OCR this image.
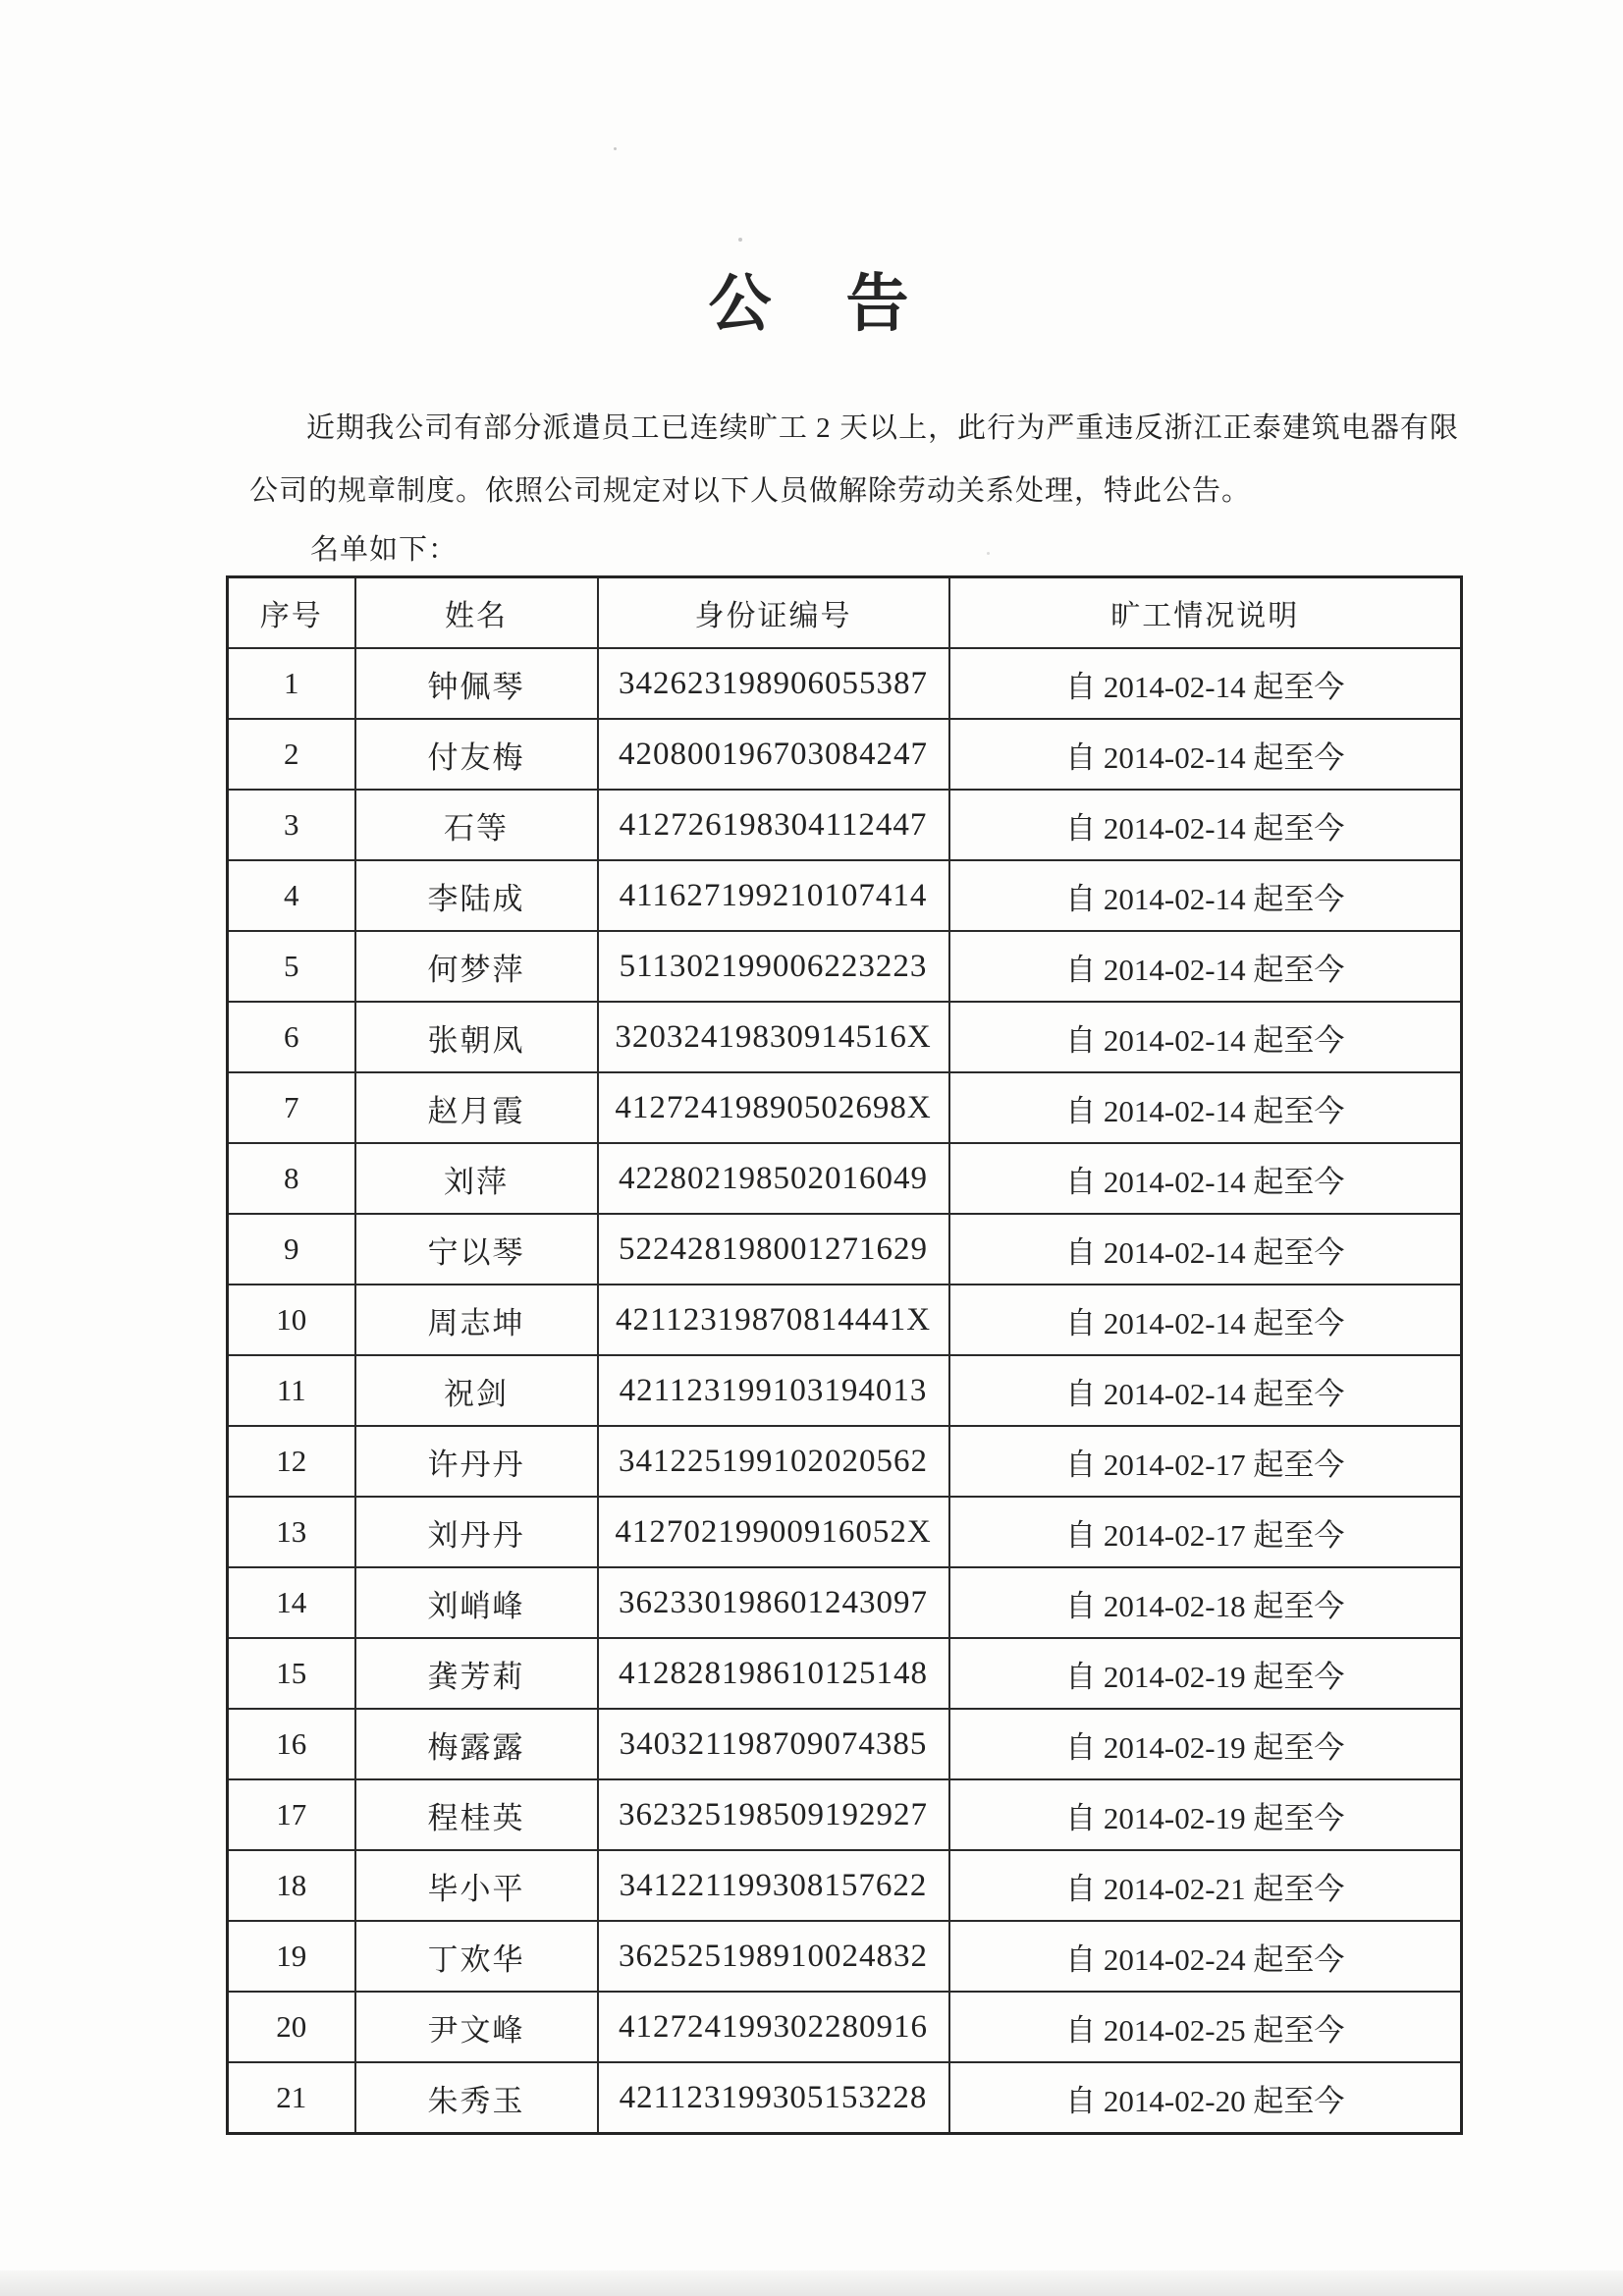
公　告
近期我公司有部分派遣员工已连续旷工 2 天以上，此行为严重违反浙江正泰建筑电器有限公司的规章制度。依照公司规定对以下人员做解除劳动关系处理，特此公告。
名单如下：
序号	姓名	身份证编号	旷工情况说明
1	钟佩琴	342623198906055387	自 2014-02-14 起至今
2	付友梅	420800196703084247	自 2014-02-14 起至今
3	石等	412726198304112447	自 2014-02-14 起至今
4	李陆成	411627199210107414	自 2014-02-14 起至今
5	何梦萍	511302199006223223	自 2014-02-14 起至今
6	张朝凤	32032419830914516X	自 2014-02-14 起至今
7	赵月霞	41272419890502698X	自 2014-02-14 起至今
8	刘萍	422802198502016049	自 2014-02-14 起至今
9	宁以琴	522428198001271629	自 2014-02-14 起至今
10	周志坤	42112319870814441X	自 2014-02-14 起至今
11	祝剑	421123199103194013	自 2014-02-14 起至今
12	许丹丹	341225199102020562	自 2014-02-17 起至今
13	刘丹丹	41270219900916052X	自 2014-02-17 起至今
14	刘峭峰	362330198601243097	自 2014-02-18 起至今
15	龚芳莉	412828198610125148	自 2014-02-19 起至今
16	梅露露	340321198709074385	自 2014-02-19 起至今
17	程桂英	362325198509192927	自 2014-02-19 起至今
18	毕小平	341221199308157622	自 2014-02-21 起至今
19	丁欢华	362525198910024832	自 2014-02-24 起至今
20	尹文峰	412724199302280916	自 2014-02-25 起至今
21	朱秀玉	421123199305153228	自 2014-02-20 起至今
